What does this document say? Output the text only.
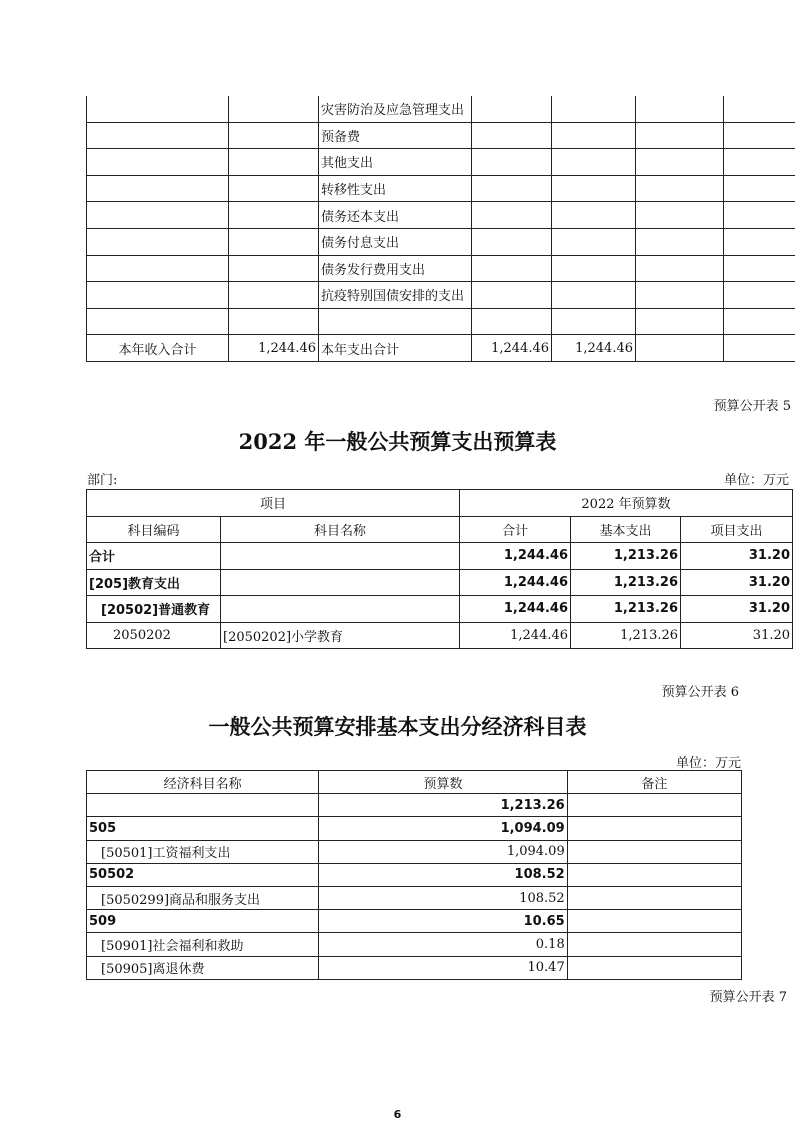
		灾害防治及应急管理支出				
		预备费				
		其他支出				
		转移性支出				
		债务还本支出				
		债务付息支出				
		债务发行费用支出				
		抗疫特别国债安排的支出				

本年收入合计	1,244.46	本年支出合计	1,244.46	1,244.46		
预算公开表 5
2022 年一般公共预算支出预算表
部门:	单位：万元
项目		2022 年预算数		
科目编码	科目名称	合计	基本支出	项目支出
合计		1,244.46	1,213.26	31.20
[205]教育支出		1,244.46	1,213.26	31.20
[20502]普通教育		1,244.46	1,213.26	31.20
2050202	[2050202]小学教育	1,244.46	1,213.26	31.20
预算公开表 6
一般公共预算安排基本支出分经济科目表
单位：万元
经济科目名称	预算数	备注
	1,213.26	
505	1,094.09	
[50501]工资福利支出	1,094.09	
50502	108.52	
[5050299]商品和服务支出	108.52	
509	10.65	
[50901]社会福利和救助	0.18	
[50905]离退休费	10.47	
预算公开表 7
6
